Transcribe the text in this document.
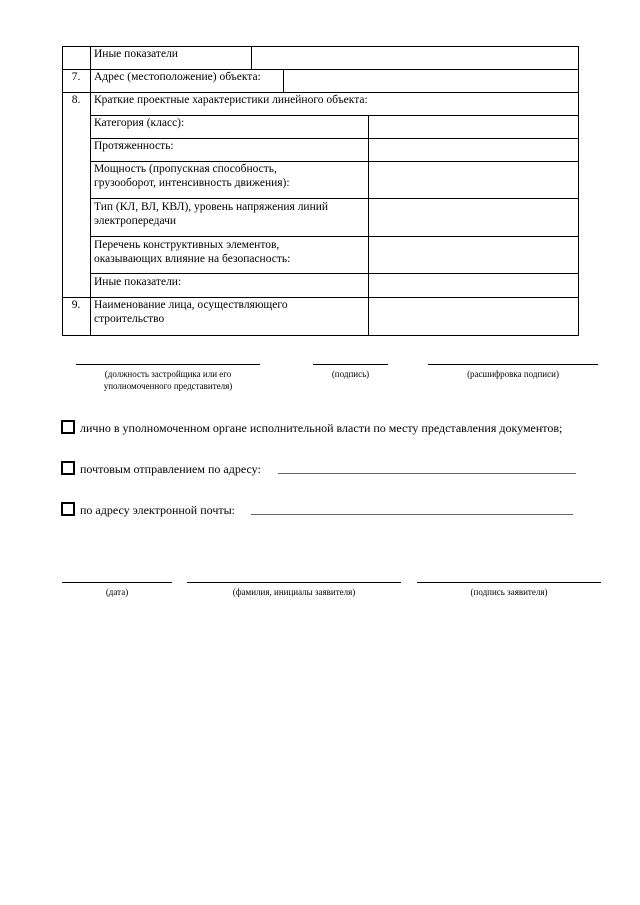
Иные показатели
7.	Адрес (местоположение) объекта:
8.	Краткие проектные характеристики линейного объекта:
Категория (класс):
Протяженность:
Мощность (пропускная способность,
грузооборот, интенсивность движения):
Тип (КЛ, ВЛ, КВЛ), уровень напряжения линий
электропередачи
Перечень конструктивных элементов,
оказывающих влияние на безопасность:
Иные показатели:
9.	Наименование лица, осуществляющего
строительство
(должность застройщика или его
уполномоченного представителя)
(подпись)	(расшифровка подписи)
лично в уполномоченном органе исполнительной власти по месту представления документов;
почтовым отправлением по адресу:
по адресу электронной почты:
(дата)	(фамилия, инициалы заявителя)	(подпись заявителя)
